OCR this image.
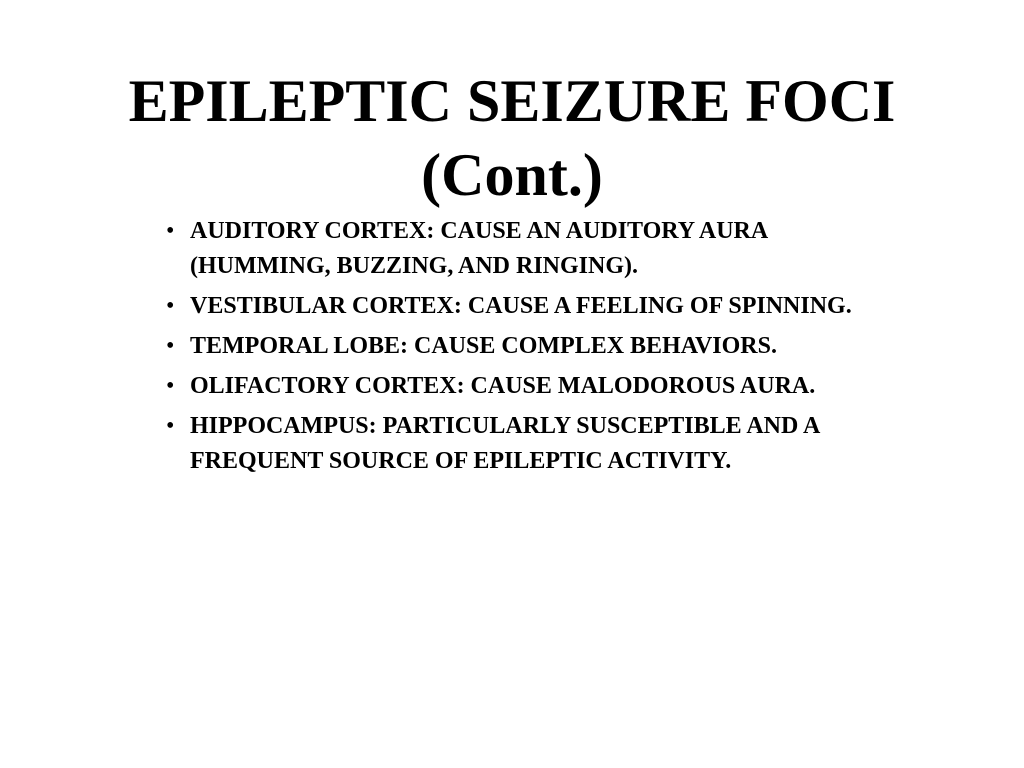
EPILEPTIC SEIZURE FOCI
(Cont.)
• AUDITORY CORTEX: CAUSE AN AUDITORY AURA (HUMMING, BUZZING, AND RINGING).
• VESTIBULAR CORTEX: CAUSE A FEELING OF SPINNING.
• TEMPORAL LOBE: CAUSE COMPLEX BEHAVIORS.
• OLIFACTORY CORTEX: CAUSE MALODOROUS AURA.
• HIPPOCAMPUS: PARTICULARLY SUSCEPTIBLE AND A FREQUENT SOURCE OF EPILEPTIC ACTIVITY.
